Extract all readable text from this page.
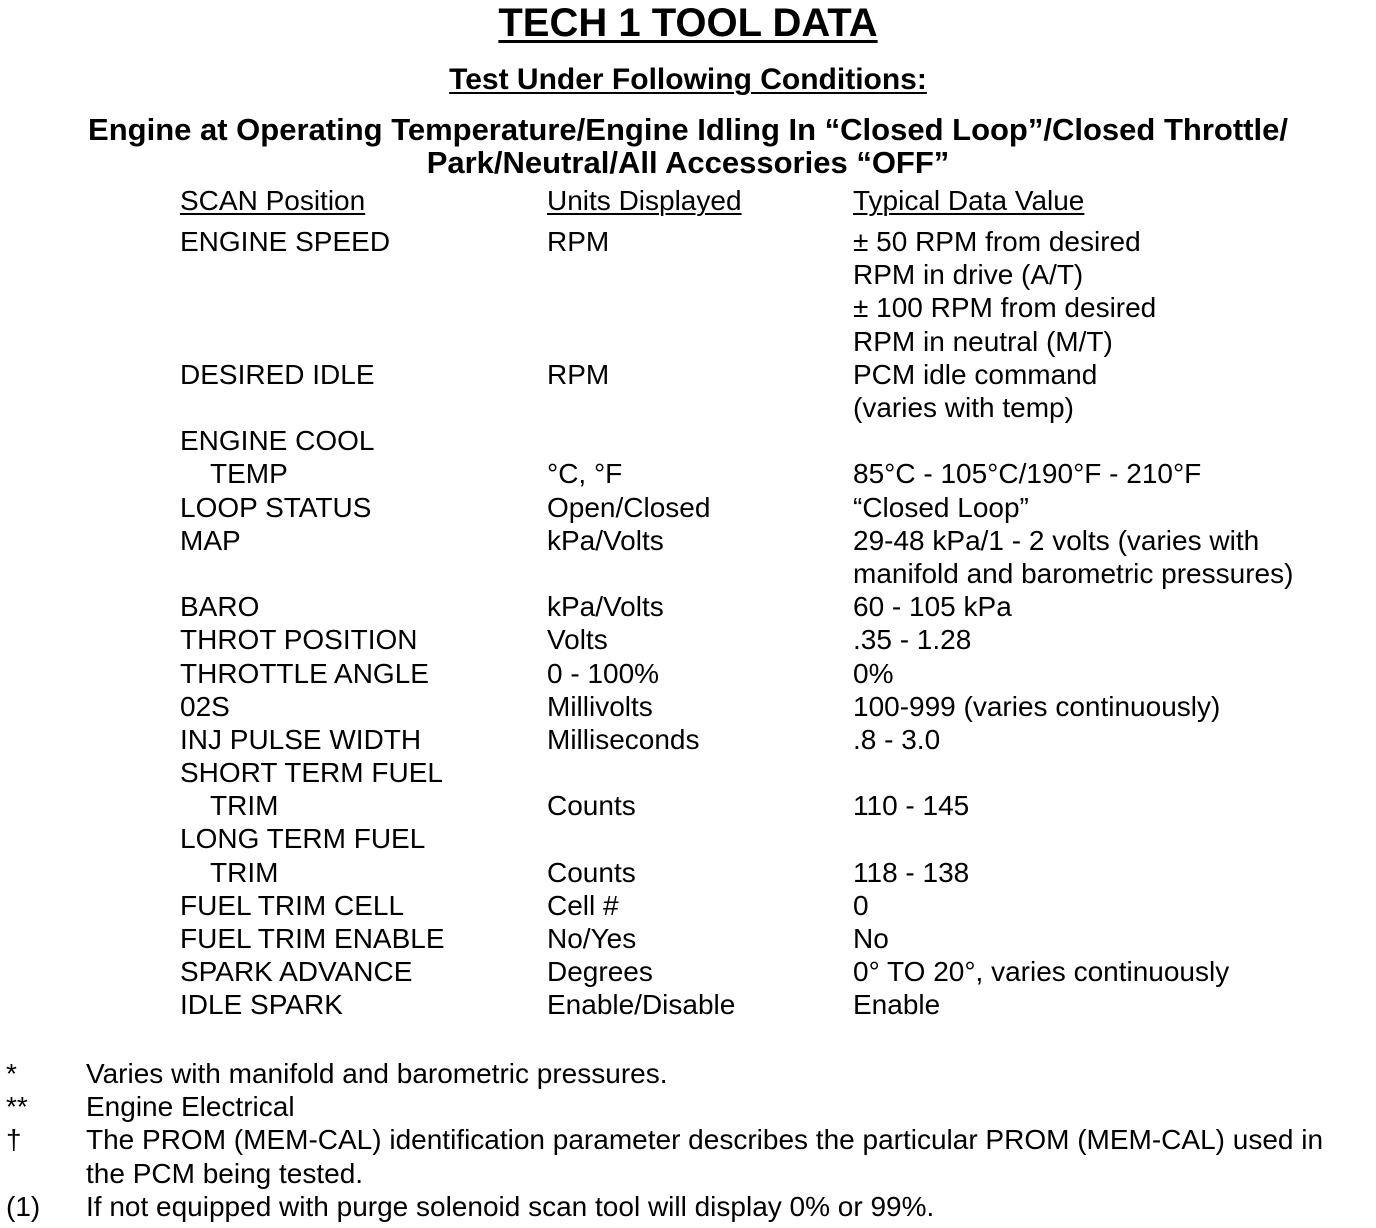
TECH 1 TOOL DATA
Test Under Following Conditions:
Engine at Operating Temperature/Engine Idling In “Closed Loop”/Closed Throttle/
Park/Neutral/All Accessories “OFF”
SCAN Position	Units Displayed	Typical Data Value
ENGINE SPEED	RPM	± 50 RPM from desired
RPM in drive (A/T)
± 100 RPM from desired
RPM in neutral (M/T)
DESIRED IDLE	RPM	PCM idle command
(varies with temp)
ENGINE COOL
TEMP	°C, °F	85°C - 105°C/190°F - 210°F
LOOP STATUS	Open/Closed	“Closed Loop”
MAP	kPa/Volts	29-48 kPa/1 - 2 volts (varies with
manifold and barometric pressures)
BARO	kPa/Volts	60 - 105 kPa
THROT POSITION	Volts	.35 - 1.28
THROTTLE ANGLE	0 - 100%	0%
02S	Millivolts	100-999 (varies continuously)
INJ PULSE WIDTH	Milliseconds	.8 - 3.0
SHORT TERM FUEL
TRIM	Counts	110 - 145
LONG TERM FUEL
TRIM	Counts	118 - 138
FUEL TRIM CELL	Cell #	0
FUEL TRIM ENABLE	No/Yes	No
SPARK ADVANCE	Degrees	0° TO 20°, varies continuously
IDLE SPARK	Enable/Disable	Enable
* Varies with manifold and barometric pressures.
** Engine Electrical
† The PROM (MEM-CAL) identification parameter describes the particular PROM (MEM-CAL) used in the PCM being tested.
(1) If not equipped with purge solenoid scan tool will display 0% or 99%.
